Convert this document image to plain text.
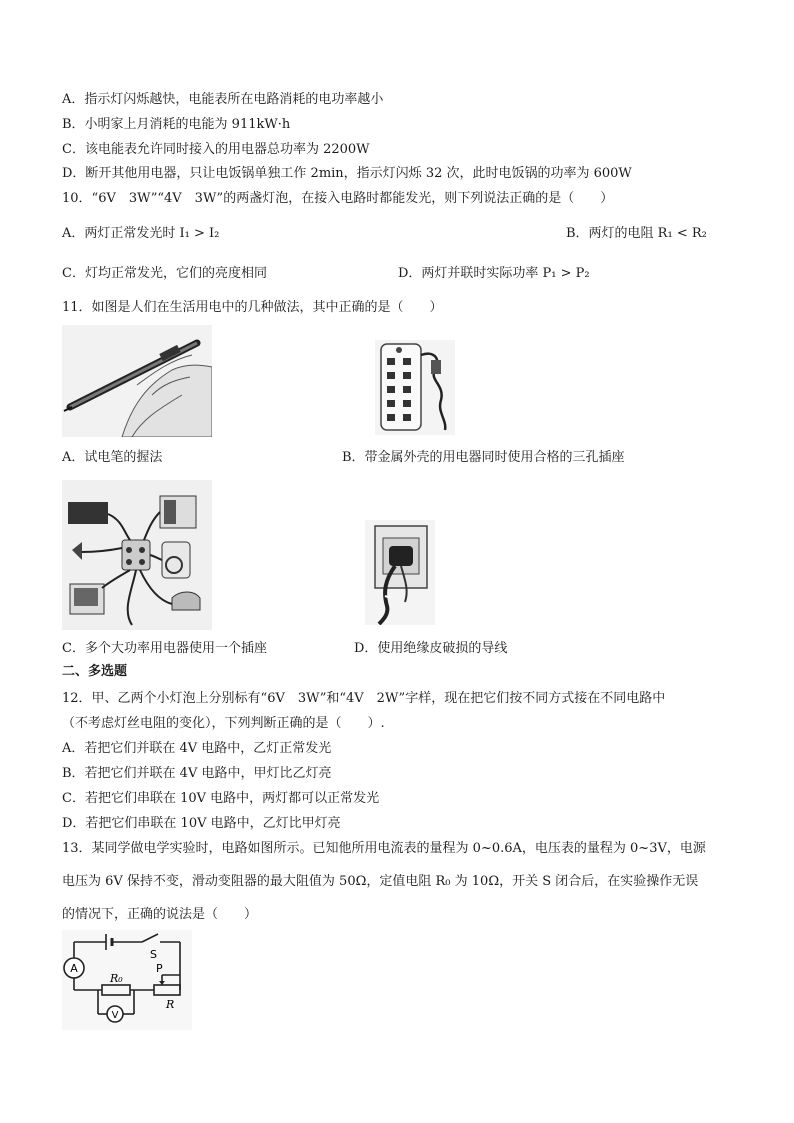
A．指示灯闪烁越快，电能表所在电路消耗的电功率越小
B．小明家上月消耗的电能为 911kW·h
C．该电能表允许同时接入的用电器总功率为 2200W
D．断开其他用电器，只让电饭锅单独工作 2min，指示灯闪烁 32 次，此时电饭锅的功率为 600W
10．“6V　3W”“4V　3W”的两盏灯泡，在接入电路时都能发光，则下列说法正确的是（　　）
A．两灯正常发光时 I₁ > I₂	B．两灯的电阻 R₁ < R₂
C．灯均正常发光，它们的亮度相同	D．两灯并联时实际功率 P₁ > P₂
11．如图是人们在生活用电中的几种做法，其中正确的是（　　）
A．试电笔的握法	B．带金属外壳的用电器同时使用合格的三孔插座
C．多个大功率用电器使用一个插座	D．使用绝缘皮破损的导线
二、多选题
12．甲、乙两个小灯泡上分别标有“6V　3W”和“4V　2W”字样，现在把它们按不同方式接在不同电路中
（不考虑灯丝电阻的变化），下列判断正确的是（　　）.
A．若把它们并联在 4V 电路中，乙灯正常发光
B．若把它们并联在 4V 电路中，甲灯比乙灯亮
C．若把它们串联在 10V 电路中，两灯都可以正常发光
D．若把它们串联在 10V 电路中，乙灯比甲灯亮
13．某同学做电学实验时，电路如图所示。已知他所用电流表的量程为 0~0.6A，电压表的量程为 0~3V，电源
电压为 6V 保持不变，滑动变阻器的最大阻值为 50Ω，定值电阻 R₀ 为 10Ω，开关 S 闭合后，在实验操作无误
的情况下，正确的说法是（　　）
A
V
S
R₀
P
R
